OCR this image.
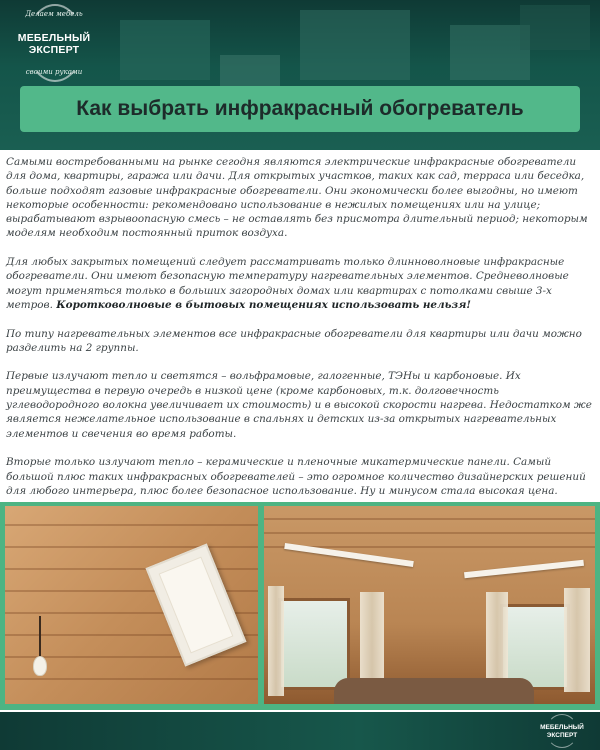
Делаем мебель
МЕБЕЛЬНЫЙ
ЭКСПЕРТ
своими руками
Как выбрать инфракрасный обогреватель

Самыми востребованными на рынке сегодня являются электрические инфракрасные обогреватели для дома, квартиры, гаража или дачи. Для открытых участков, таких как сад, терраса или беседка, больше подходят газовые инфракрасные обогреватели. Они экономически более выгодны, но имеют некоторые особенности: рекомендовано использование в нежилых помещениях или на улице; вырабатывают взрывоопасную смесь – не оставлять без присмотра длительный период; некоторым моделям необходим постоянный приток воздуха.

Для любых закрытых помещений следует рассматривать только длинноволновые инфракрасные обогреватели. Они имеют безопасную температуру нагревательных элементов. Средневолновые могут применяться только в больших загородных домах или квартирах с потолками свыше 3-х метров. Коротковолновые в бытовых помещениях использовать нельзя!

По типу нагревательных элементов все инфракрасные обогреватели для квартиры или дачи можно разделить на 2 группы.

Первые излучают тепло и светятся – вольфрамовые, галогенные, ТЭНы и карбоновые. Их преимущества в первую очередь в низкой цене (кроме карбоновых, т.к. долговечность углеводородного волокна увеличивает их стоимость) и в высокой скорости нагрева. Недостатком же является нежелательное использование в спальнях и детских из-за открытых нагревательных элементов и свечения во время работы.

Вторые только излучают тепло – керамические и пленочные микатермические панели. Самый большой плюс таких инфракрасных обогревателей – это огромное количество дизайнерских решений для любого интерьера, плюс более безопасное использование. Ну и минусом стала высокая цена.

МЕБЕЛЬНЫЙ
ЭКСПЕРТ
